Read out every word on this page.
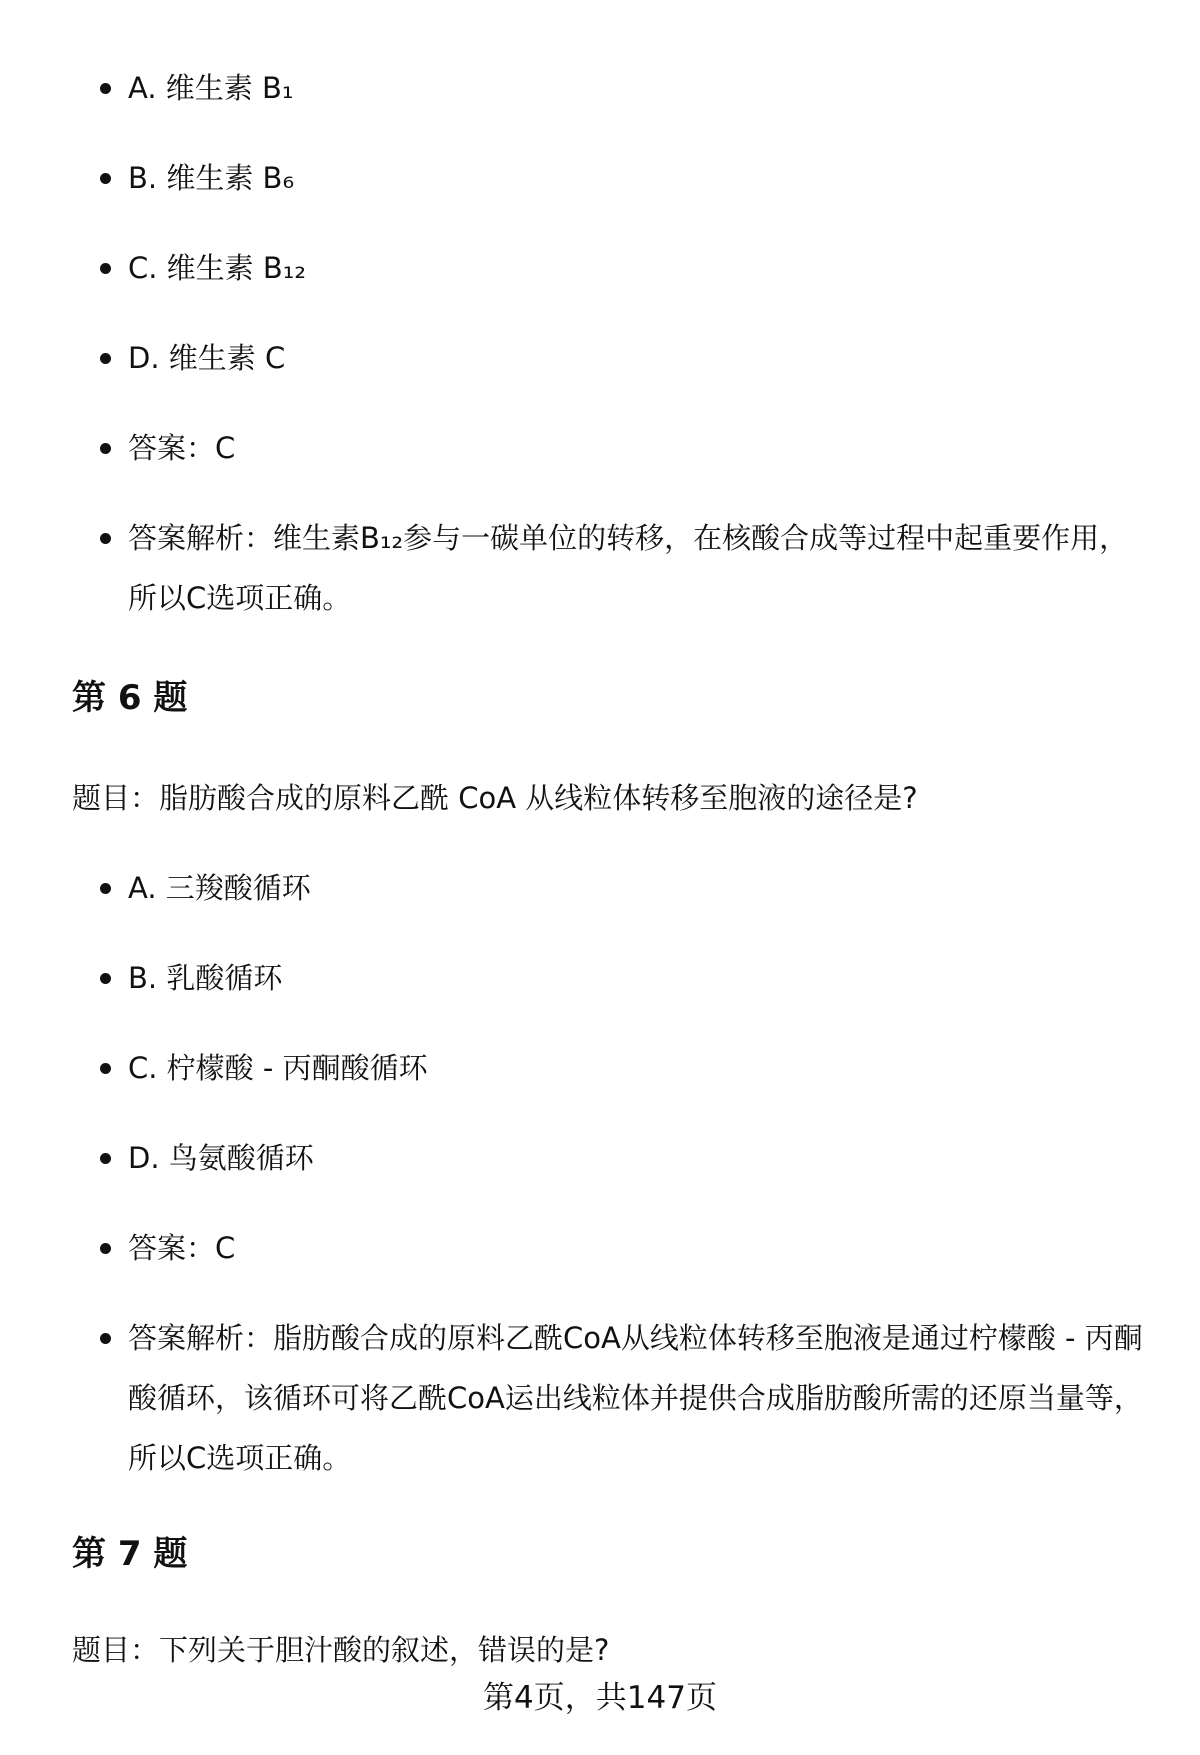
A. 维生素 B₁
B. 维生素 B₆
C. 维生素 B₁₂
D. 维生素 C
答案：C
答案解析：维生素B₁₂参与一碳单位的转移，在核酸合成等过程中起重要作用，所以C选项正确。
第 6 题

题目：脂肪酸合成的原料乙酰 CoA 从线粒体转移至胞液的途径是?

A. 三羧酸循环
B. 乳酸循环
C. 柠檬酸 - 丙酮酸循环
D. 鸟氨酸循环
答案：C
答案解析：脂肪酸合成的原料乙酰CoA从线粒体转移至胞液是通过柠檬酸 - 丙酮酸循环，该循环可将乙酰CoA运出线粒体并提供合成脂肪酸所需的还原当量等，所以C选项正确。
第 7 题

题目：下列关于胆汁酸的叙述，错误的是?

第4页，共147页
